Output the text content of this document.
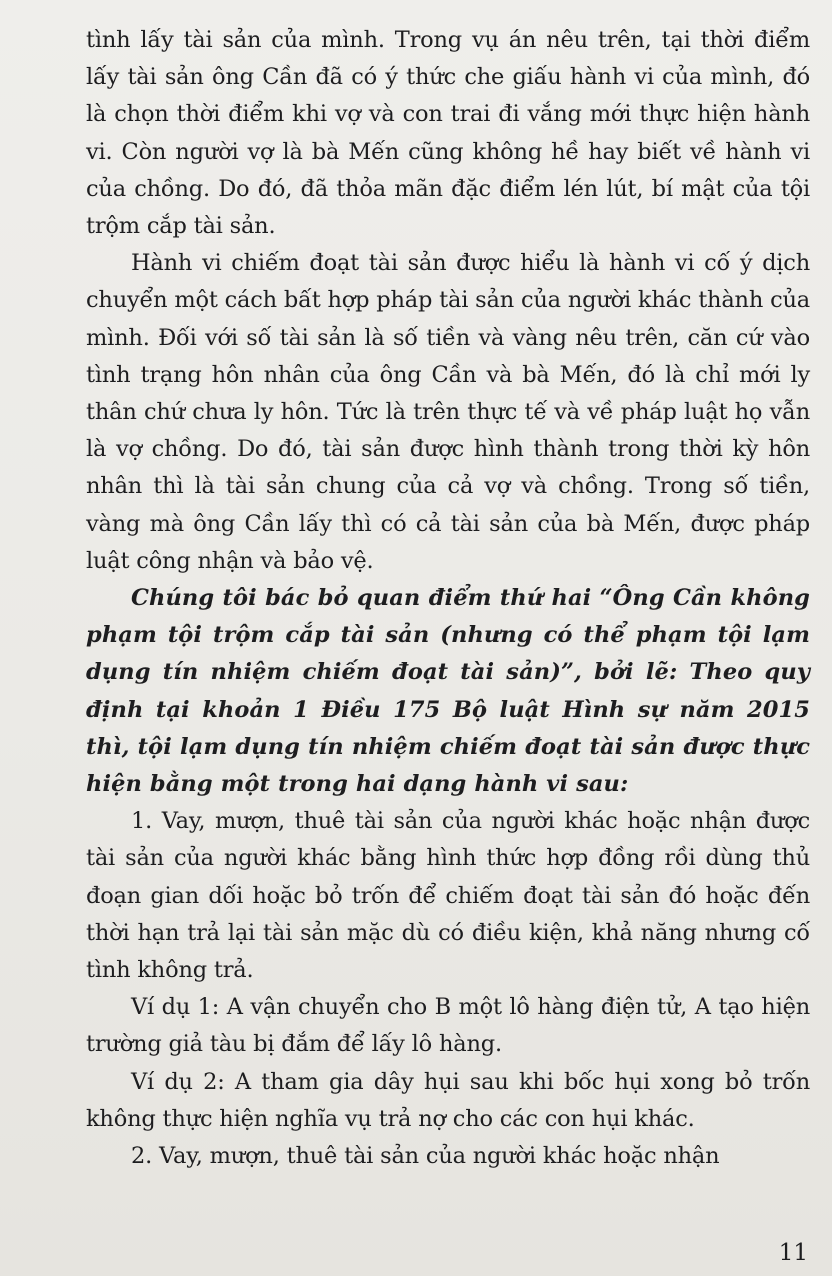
tình lấy tài sản của mình. Trong vụ án nêu trên, tại thời điểm lấy tài sản ông Cần đã có ý thức che giấu hành vi của mình, đó là chọn thời điểm khi vợ và con trai đi vắng mới thực hiện hành vi. Còn người vợ là bà Mến cũng không hề hay biết về hành vi của chồng. Do đó, đã thỏa mãn đặc điểm lén lút, bí mật của tội trộm cắp tài sản.

Hành vi chiếm đoạt tài sản được hiểu là hành vi cố ý dịch chuyển một cách bất hợp pháp tài sản của người khác thành của mình. Đối với số tài sản là số tiền và vàng nêu trên, căn cứ vào tình trạng hôn nhân của ông Cần và bà Mến, đó là chỉ mới ly thân chứ chưa ly hôn. Tức là trên thực tế và về pháp luật họ vẫn là vợ chồng. Do đó, tài sản được hình thành trong thời kỳ hôn nhân thì là tài sản chung của cả vợ và chồng. Trong số tiền, vàng mà ông Cần lấy thì có cả tài sản của bà Mến, được pháp luật công nhận và bảo vệ.

Chúng tôi bác bỏ quan điểm thứ hai “Ông Cần không phạm tội trộm cắp tài sản (nhưng có thể phạm tội lạm dụng tín nhiệm chiếm đoạt tài sản)”, bởi lẽ: Theo quy định tại khoản 1 Điều 175 Bộ luật Hình sự năm 2015 thì, tội lạm dụng tín nhiệm chiếm đoạt tài sản được thực hiện bằng một trong hai dạng hành vi sau:

1. Vay, mượn, thuê tài sản của người khác hoặc nhận được tài sản của người khác bằng hình thức hợp đồng rồi dùng thủ đoạn gian dối hoặc bỏ trốn để chiếm đoạt tài sản đó hoặc đến thời hạn trả lại tài sản mặc dù có điều kiện, khả năng nhưng cố tình không trả.

Ví dụ 1: A vận chuyển cho B một lô hàng điện tử, A tạo hiện trường giả tàu bị đắm để lấy lô hàng.

Ví dụ 2: A tham gia dây hụi sau khi bốc hụi xong bỏ trốn không thực hiện nghĩa vụ trả nợ cho các con hụi khác.

2. Vay, mượn, thuê tài sản của người khác hoặc nhận

11
